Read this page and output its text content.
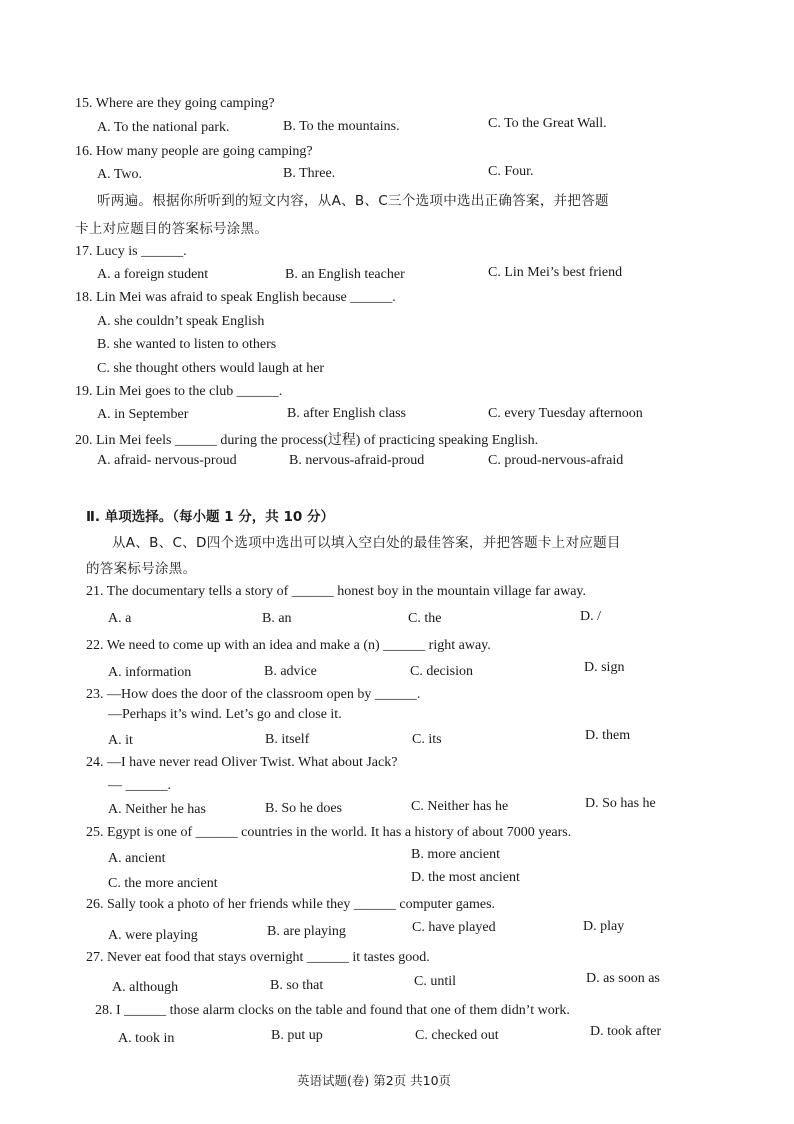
15. Where are they going camping?
A. To the national park.	B. To the mountains.	C. To the Great Wall.
16. How many people are going camping?
A. Two.	B. Three.	C. Four.
听两遍。根据你所听到的短文内容，从A、B、C三个选项中选出正确答案，并把答题
卡上对应题目的答案标号涂黑。
17. Lucy is ______.
A. a foreign student	B. an English teacher	C. Lin Mei’s best friend
18. Lin Mei was afraid to speak English because ______.
A. she couldn’t speak English
B. she wanted to listen to others
C. she thought others would laugh at her
19. Lin Mei goes to the club ______.
A. in September	B. after English class	C. every Tuesday afternoon
20. Lin Mei feels ______ during the process(过程) of practicing speaking English.
A. afraid- nervous-proud	B. nervous-afraid-proud	C. proud-nervous-afraid
Ⅱ. 单项选择。（每小题 1 分，共 10 分）
从A、B、C、D四个选项中选出可以填入空白处的最佳答案，并把答题卡上对应题目
的答案标号涂黑。
21. The documentary tells a story of ______ honest boy in the mountain village far away.
A. a	B. an	C. the	D. /
22. We need to come up with an idea and make a (n) ______ right away.
A. information	B. advice	C. decision	D. sign
23. —How does the door of the classroom open by ______.
—Perhaps it’s wind. Let’s go and close it.
A. it	B. itself	C. its	D. them
24. —I have never read Oliver Twist. What about Jack?
— ______.
A. Neither he has	B. So he does	C. Neither has he	D. So has he
25. Egypt is one of ______ countries in the world. It has a history of about 7000 years.
A. ancient	B. more ancient
C. the more ancient	D. the most ancient
26. Sally took a photo of her friends while they ______ computer games.
A. were playing	B. are playing	C. have played	D. play
27. Never eat food that stays overnight ______ it tastes good.
A. although	B. so that	C. until	D. as soon as
28. I ______ those alarm clocks on the table and found that one of them didn’t work.
A. took in	B. put up	C. checked out	D. took after
英语试题(卷) 第2页 共10页
